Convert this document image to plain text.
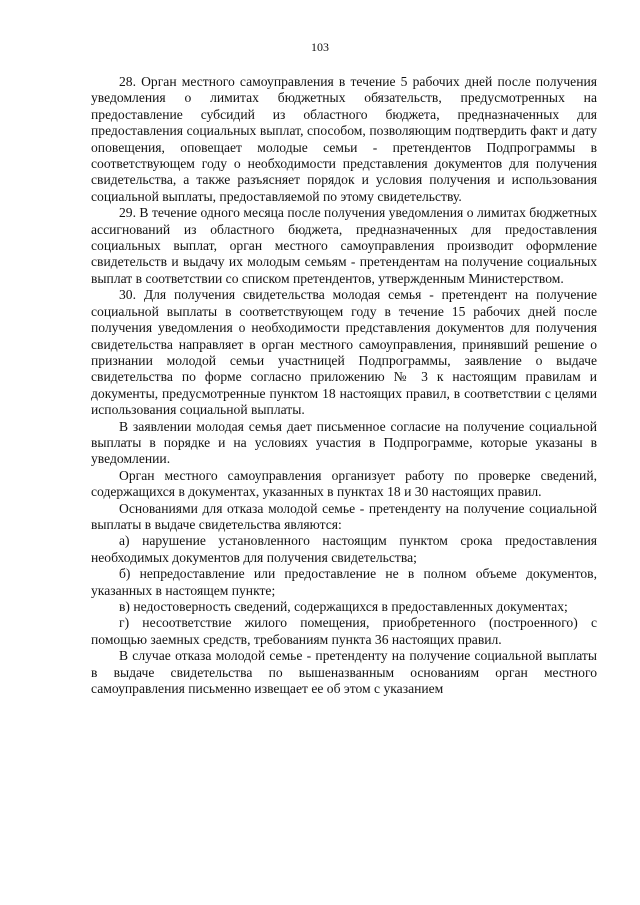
103

28. Орган местного самоуправления в течение 5 рабочих дней после получения уведомления о лимитах бюджетных обязательств, предусмотренных на предоставление субсидий из областного бюджета, предназначенных для предоставления социальных выплат, способом, позволяющим подтвердить факт и дату оповещения, оповещает молодые семьи - претендентов Подпрограммы в соответствующем году о необходимости представления документов для получения свидетельства, а также разъясняет порядок и условия получения и использования социальной выплаты, предоставляемой по этому свидетельству.

29. В течение одного месяца после получения уведомления о лимитах бюджетных ассигнований из областного бюджета, предназначенных для предоставления социальных выплат, орган местного самоуправления производит оформление свидетельств и выдачу их молодым семьям - претендентам на получение социальных выплат в соответствии со списком претендентов, утвержденным Министерством.

30. Для получения свидетельства молодая семья - претендент на получение социальной выплаты в соответствующем году в течение 15 рабочих дней после получения уведомления о необходимости представления документов для получения свидетельства направляет в орган местного самоуправления, принявший решение о признании молодой семьи участницей Подпрограммы, заявление о выдаче свидетельства по форме согласно приложению № 3 к настоящим правилам и документы, предусмотренные пунктом 18 настоящих правил, в соответствии с целями использования социальной выплаты.

В заявлении молодая семья дает письменное согласие на получение социальной выплаты в порядке и на условиях участия в Подпрограмме, которые указаны в уведомлении.

Орган местного самоуправления организует работу по проверке сведений, содержащихся в документах, указанных в пунктах 18 и 30 настоящих правил.

Основаниями для отказа молодой семье - претенденту на получение социальной выплаты в выдаче свидетельства являются:

а) нарушение установленного настоящим пунктом срока предоставления необходимых документов для получения свидетельства;

б) непредоставление или предоставление не в полном объеме документов, указанных в настоящем пункте;

в) недостоверность сведений, содержащихся в предоставленных документах;

г) несоответствие жилого помещения, приобретенного (построенного) с помощью заемных средств, требованиям пункта 36 настоящих правил.

В случае отказа молодой семье - претенденту на получение социальной выплаты в выдаче свидетельства по вышеназванным основаниям орган местного самоуправления письменно извещает ее об этом с указанием
